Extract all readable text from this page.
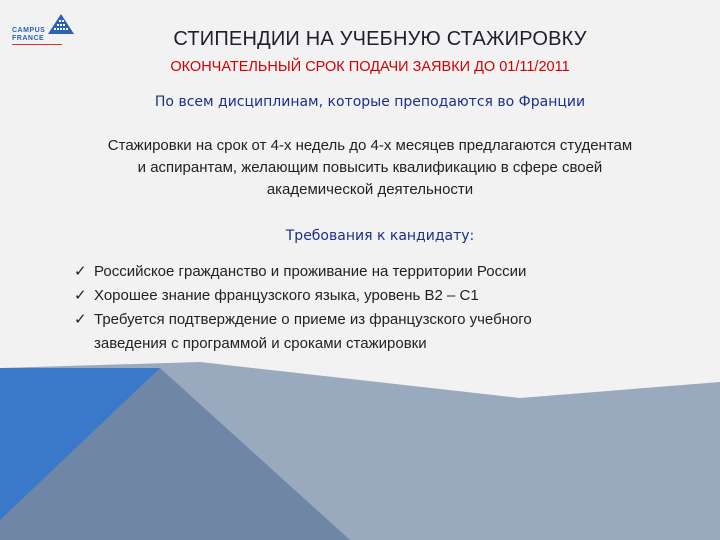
CAMPUS
FRANCE	СТИПЕНДИИ НА УЧЕБНУЮ СТАЖИРОВКУ
ОКОНЧАТЕЛЬНЫЙ СРОК ПОДАЧИ ЗАЯВКИ ДО 01/11/2011
По всем дисциплинам, которые преподаются во Франции
Стажировки на срок от 4-х недель до 4-х месяцев предлагаются студентам
и аспирантам, желающим повысить квалификацию в сфере своей
академической деятельности
Требования к кандидату:
✓ Российское гражданство и проживание на территории России
✓ Хорошее знание французского языка, уровень В2 – С1
✓ Требуется подтверждение о приеме из французского учебного
заведения с программой и сроками стажировки
